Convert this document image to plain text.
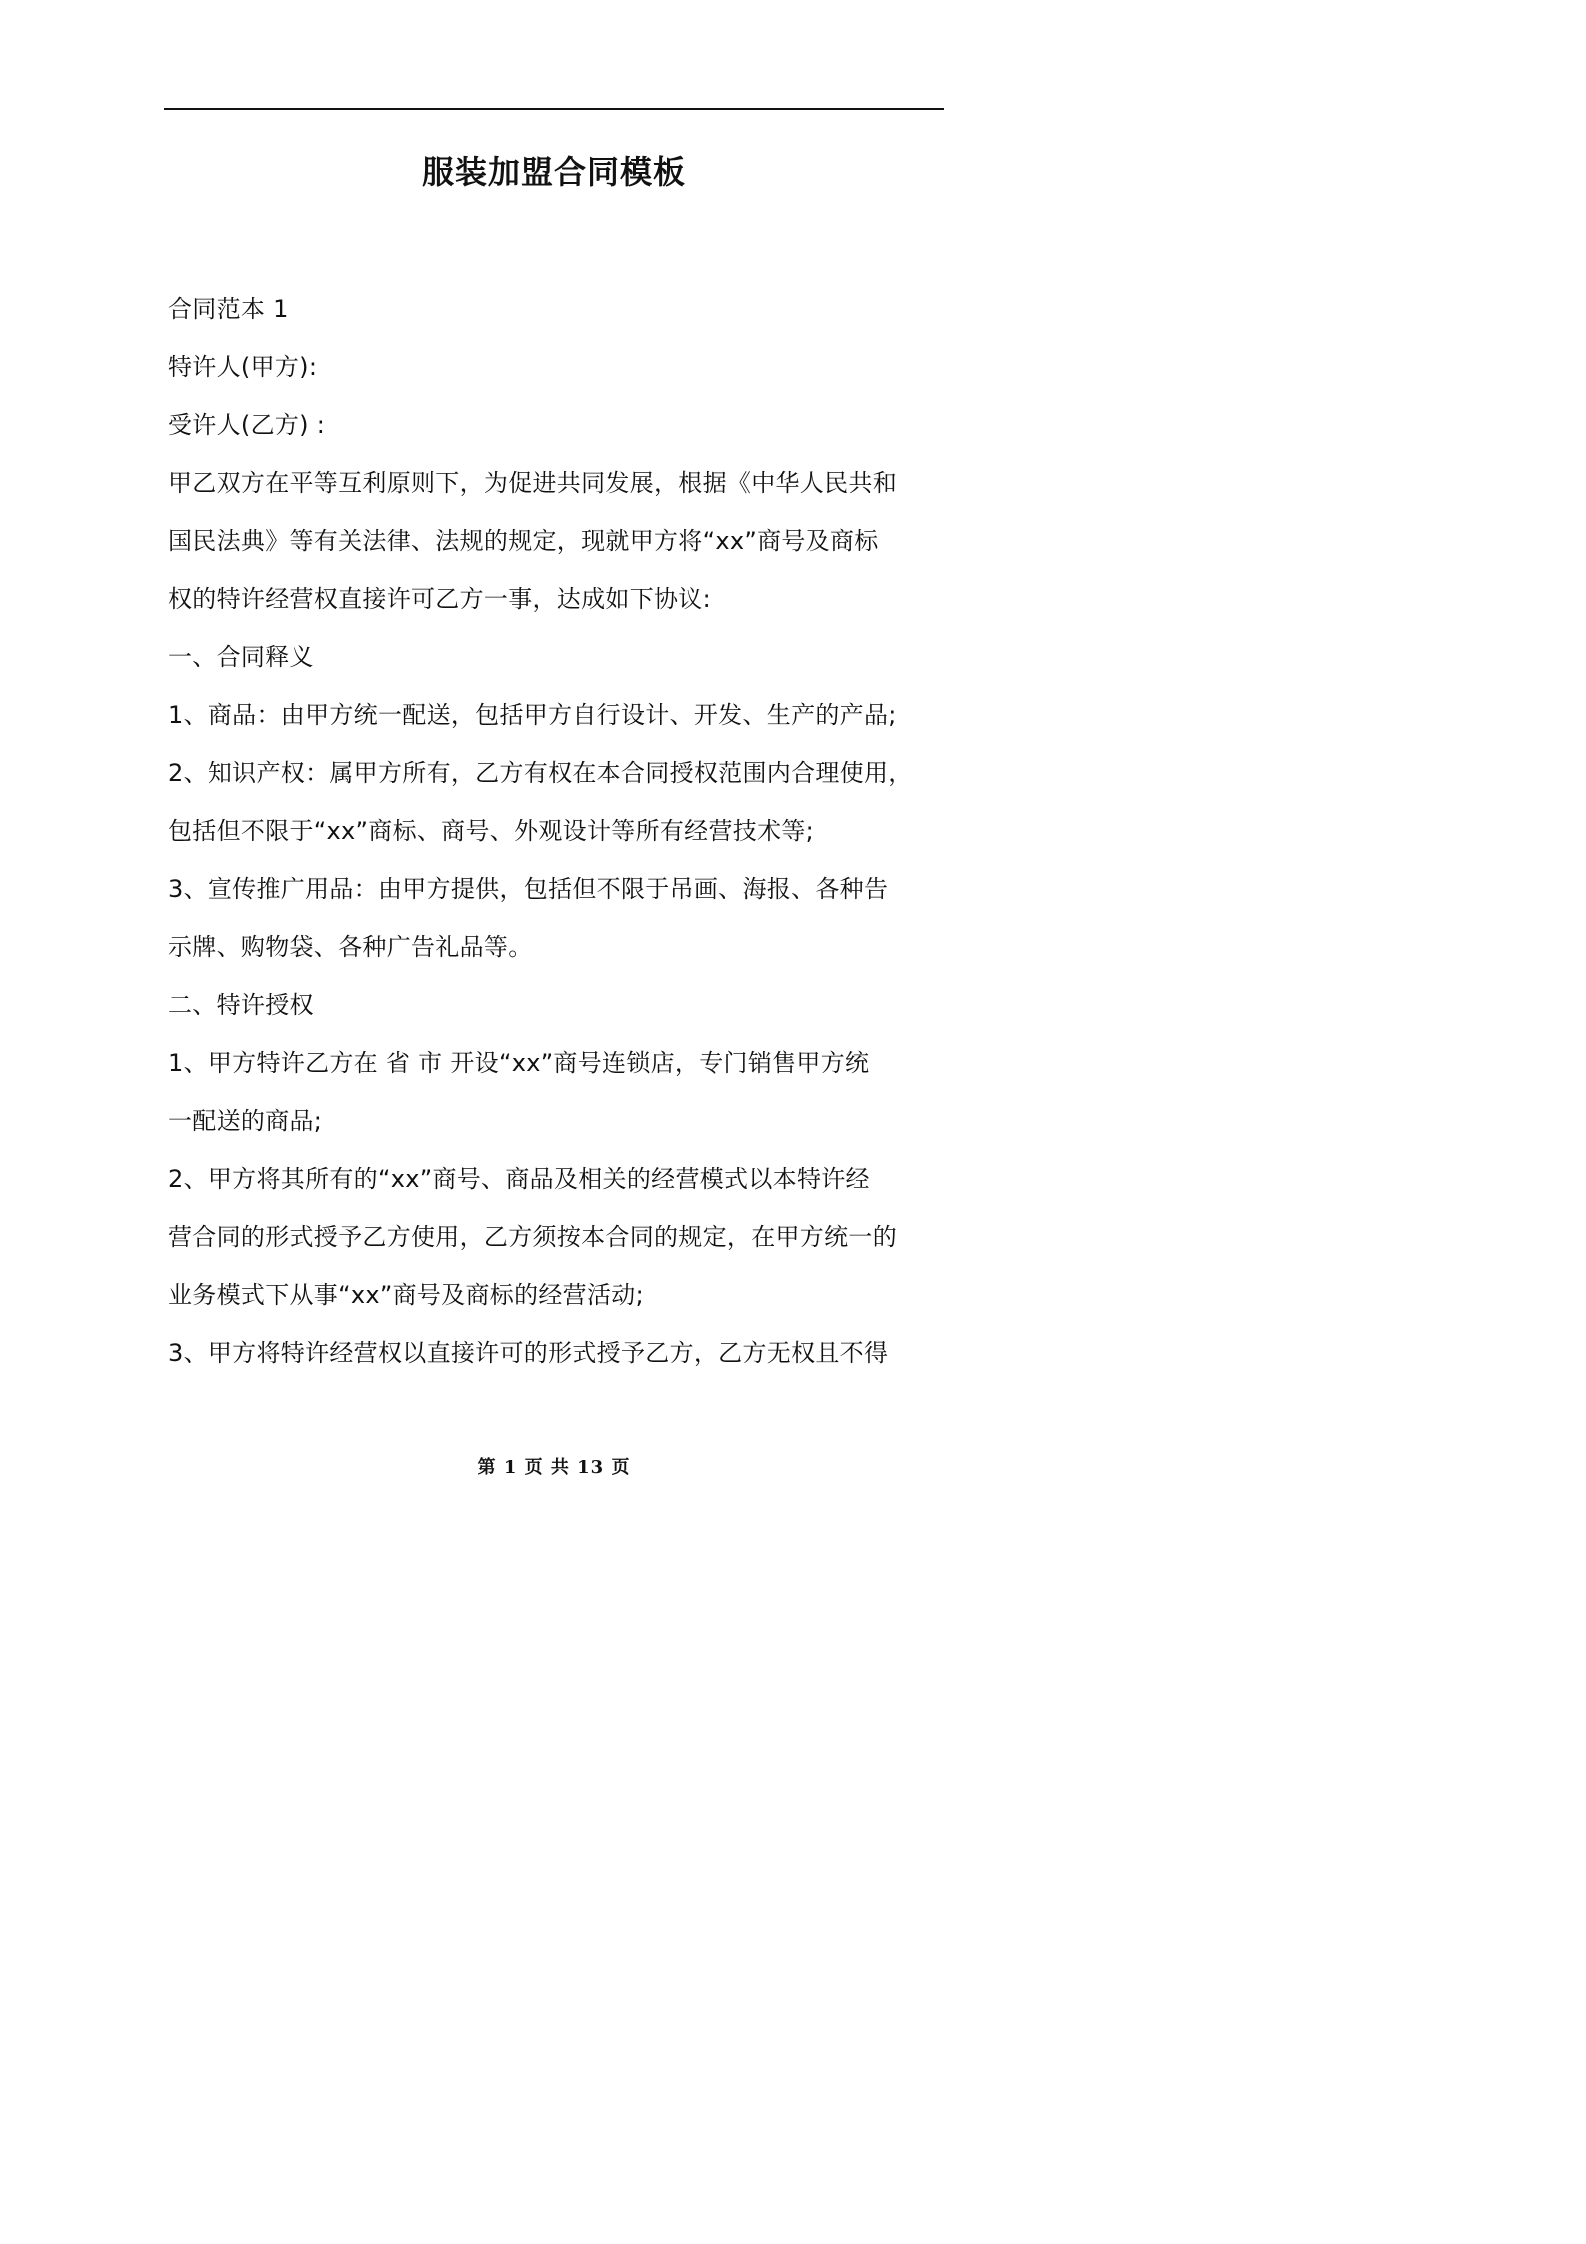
服装加盟合同模板

合同范本 1

特许人(甲方):

受许人(乙方) :

甲乙双方在平等互利原则下，为促进共同发展，根据《中华人民共和

国民法典》等有关法律、法规的规定，现就甲方将“xx”商号及商标

权的特许经营权直接许可乙方一事，达成如下协议:

一、合同释义

1、商品：由甲方统一配送，包括甲方自行设计、开发、生产的产品;

2、知识产权：属甲方所有，乙方有权在本合同授权范围内合理使用，

包括但不限于“xx”商标、商号、外观设计等所有经营技术等;

3、宣传推广用品：由甲方提供，包括但不限于吊画、海报、各种告

示牌、购物袋、各种广告礼品等。

二、特许授权

1、甲方特许乙方在 省 市 开设“xx”商号连锁店，专门销售甲方统

一配送的商品;

2、甲方将其所有的“xx”商号、商品及相关的经营模式以本特许经

营合同的形式授予乙方使用，乙方须按本合同的规定，在甲方统一的

业务模式下从事“xx”商号及商标的经营活动;

3、甲方将特许经营权以直接许可的形式授予乙方，乙方无权且不得

第 1 页 共 13 页
